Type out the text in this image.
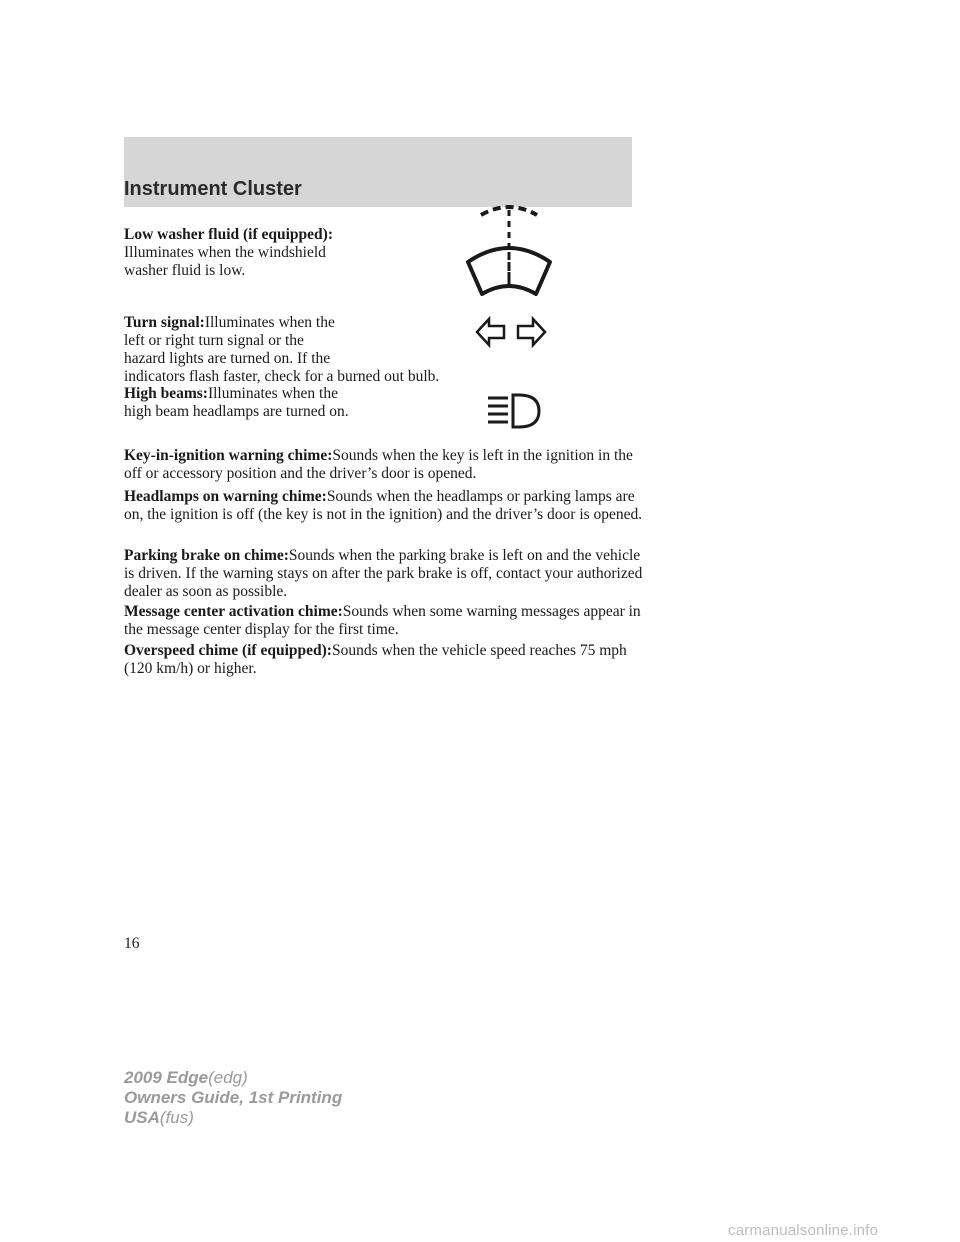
Instrument Cluster
Low washer fluid (if equipped):
Illuminates when the windshield
washer fluid is low.
Turn signal:Illuminates when the
left or right turn signal or the
hazard lights are turned on. If the
indicators flash faster, check for a burned out bulb.
High beams:Illuminates when the
high beam headlamps are turned on.
Key-in-ignition warning chime:Sounds when the key is left in the ignition in the off or accessory position and the driver’s door is opened.
Headlamps on warning chime:Sounds when the headlamps or parking lamps are on, the ignition is off (the key is not in the ignition) and the driver’s door is opened.
Parking brake on chime:Sounds when the parking brake is left on and the vehicle is driven. If the warning stays on after the park brake is off, contact your authorized dealer as soon as possible.
Message center activation chime:Sounds when some warning messages appear in the message center display for the first time.
Overspeed chime (if equipped):Sounds when the vehicle speed reaches 75 mph (120 km/h) or higher.
16
2009 Edge(edg)
Owners Guide, 1st Printing
USA(fus)
carmanualsonline.info
